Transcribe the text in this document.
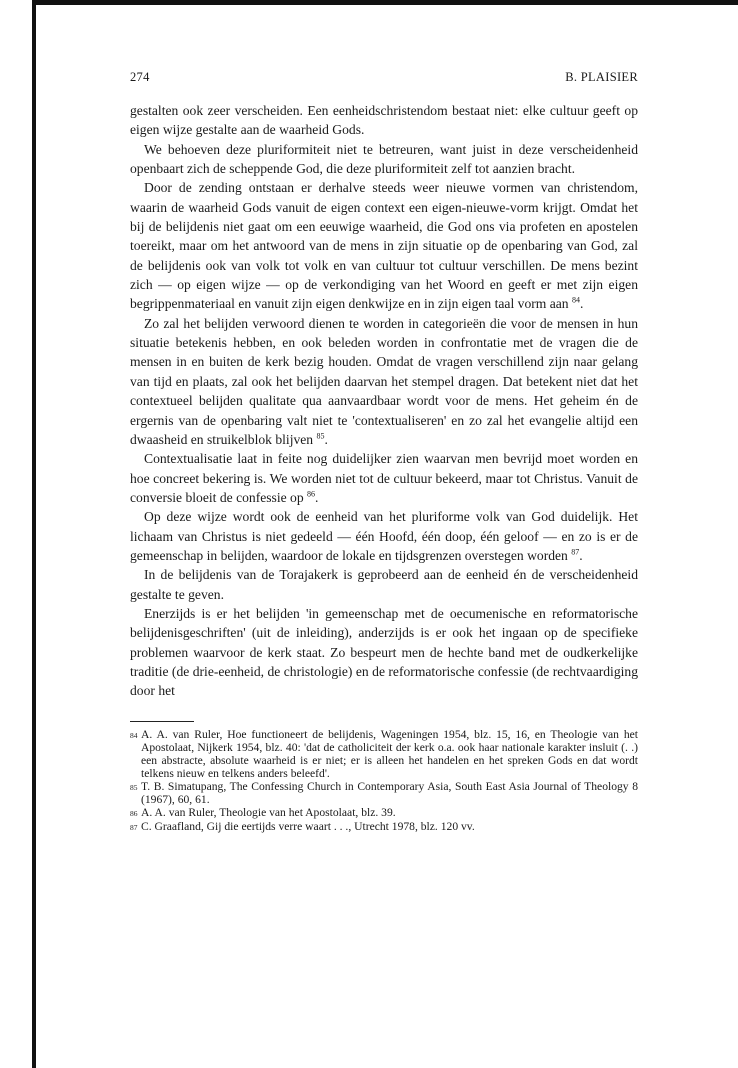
274	B. PLAISIER

gestalten ook zeer verscheiden. Een eenheidschristendom bestaat niet: elke cultuur geeft op eigen wijze gestalte aan de waarheid Gods.

We behoeven deze pluriformiteit niet te betreuren, want juist in deze verscheidenheid openbaart zich de scheppende God, die deze pluriformiteit zelf tot aanzien bracht.

Door de zending ontstaan er derhalve steeds weer nieuwe vormen van christendom, waarin de waarheid Gods vanuit de eigen context een eigen-nieuwe-vorm krijgt. Omdat het bij de belijdenis niet gaat om een eeuwige waarheid, die God ons via profeten en apostelen toereikt, maar om het antwoord van de mens in zijn situatie op de openbaring van God, zal de belijdenis ook van volk tot volk en van cultuur tot cultuur verschillen. De mens bezint zich — op eigen wijze — op de verkondiging van het Woord en geeft er met zijn eigen begrippenmateriaal en vanuit zijn eigen denkwijze en in zijn eigen taal vorm aan $^{84}$.

Zo zal het belijden verwoord dienen te worden in categorieën die voor de mensen in hun situatie betekenis hebben, en ook beleden worden in confrontatie met de vragen die de mensen in en buiten de kerk bezig houden. Omdat de vragen verschillend zijn naar gelang van tijd en plaats, zal ook het belijden daarvan het stempel dragen. Dat betekent niet dat het contextueel belijden qualitate qua aanvaardbaar wordt voor de mens. Het geheim én de ergernis van de openbaring valt niet te 'contextualiseren' en zo zal het evangelie altijd een dwaasheid en struikelblok blijven $^{85}$.

Contextualisatie laat in feite nog duidelijker zien waarvan men bevrijd moet worden en hoe concreet bekering is. We worden niet tot de cultuur bekeerd, maar tot Christus. Vanuit de conversie bloeit de confessie op $^{86}$.

Op deze wijze wordt ook de eenheid van het pluriforme volk van God duidelijk. Het lichaam van Christus is niet gedeeld — één Hoofd, één doop, één geloof — en zo is er de gemeenschap in belijden, waardoor de lokale en tijdsgrenzen overstegen worden $^{87}$.

In de belijdenis van de Torajakerk is geprobeerd aan de eenheid én de verscheidenheid gestalte te geven.

Enerzijds is er het belijden 'in gemeenschap met de oecumenische en reformatorische belijdenisgeschriften' (uit de inleiding), anderzijds is er ook het ingaan op de specifieke problemen waarvoor de kerk staat. Zo bespeurt men de hechte band met de oudkerkelijke traditie (de drie-eenheid, de christologie) en de reformatorische confessie (de rechtvaardiging door het

84 A. A. van Ruler, Hoe functioneert de belijdenis, Wageningen 1954, blz. 15, 16, en Theologie van het Apostolaat, Nijkerk 1954, blz. 40: 'dat de catholiciteit der kerk o.a. ook haar nationale karakter insluit (. .) een abstracte, absolute waarheid is er niet; er is alleen het handelen en het spreken Gods en dat wordt telkens nieuw en telkens anders beleefd'.
85 T. B. Simatupang, The Confessing Church in Contemporary Asia, South East Asia Journal of Theology 8 (1967), 60, 61.
86 A. A. van Ruler, Theologie van het Apostolaat, blz. 39.
87 C. Graafland, Gij die eertijds verre waart . . ., Utrecht 1978, blz. 120 vv.
